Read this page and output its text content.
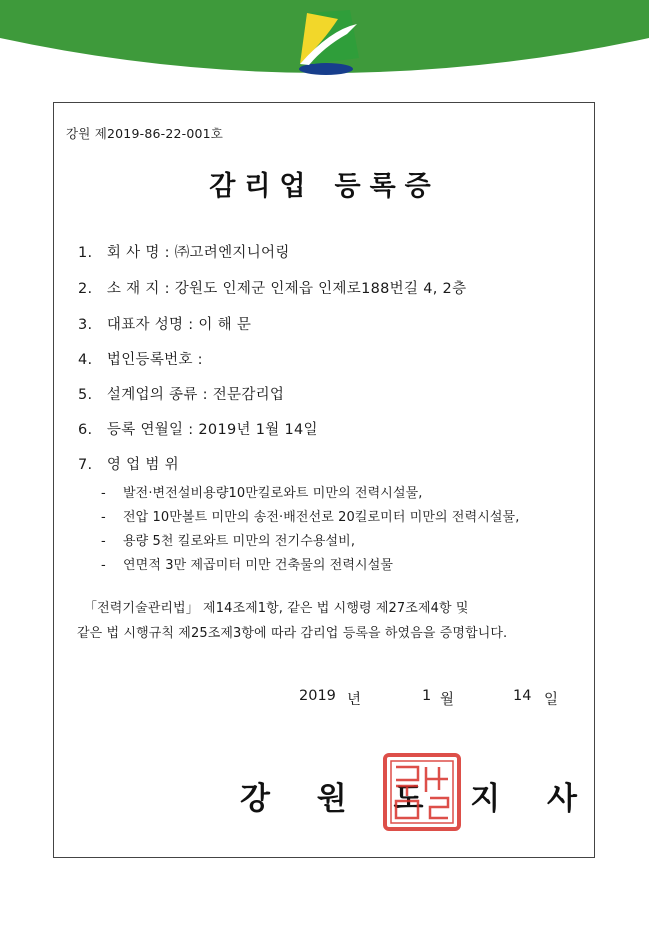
강원 제2019-86-22-001호
감리업 등록증
1. 회 사 명 : ㈜고려엔지니어링
2. 소 재 지 : 강원도 인제군 인제읍 인제로188번길 4, 2층
3. 대표자 성명 : 이 해 문
4. 법인등록번호 :
5. 설계업의 종류 : 전문감리업
6. 등록 연월일 : 2019년 1월 14일
7. 영 업 범 위
- 발전·변전설비용량10만킬로와트 미만의 전력시설물,
- 전압 10만볼트 미만의 송전·배전선로 20킬로미터 미만의 전력시설물,
- 용량 5천 킬로와트 미만의 전기수용설비,
- 연면적 3만 제곱미터 미만 건축물의 전력시설물
「전력기술관리법」 제14조제1항, 같은 법 시행령 제27조제4항 및
같은 법 시행규칙 제25조제3항에 따라 감리업 등록을 하였음을 증명합니다.
2019 년	1 월	14 일
강 원 도 지 사
